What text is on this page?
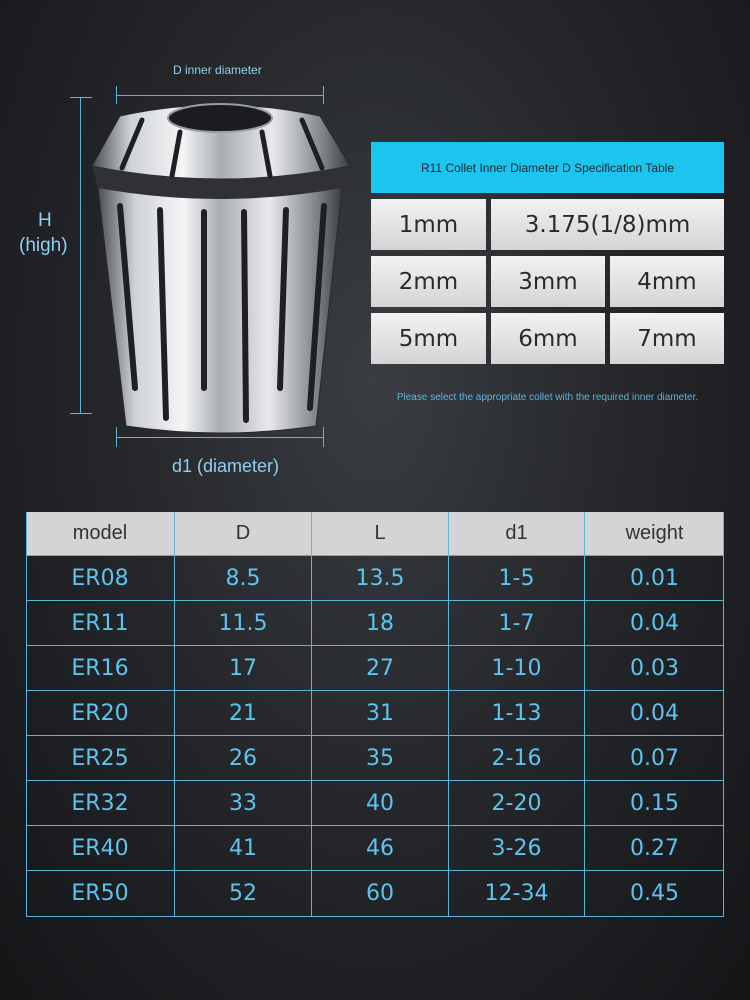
D inner diameter
H
(high)
d1 (diameter)
R11 Collet Inner Diameter D Specification Table
1mm	3.175(1/8)mm
2mm	3mm	4mm
5mm	6mm	7mm
Please select the appropriate collet with the required inner diameter.
model	D	L	d1	weight
ER08	8.5	13.5	1-5	0.01
ER11	11.5	18	1-7	0.04
ER16	17	27	1-10	0.03
ER20	21	31	1-13	0.04
ER25	26	35	2-16	0.07
ER32	33	40	2-20	0.15
ER40	41	46	3-26	0.27
ER50	52	60	12-34	0.45
